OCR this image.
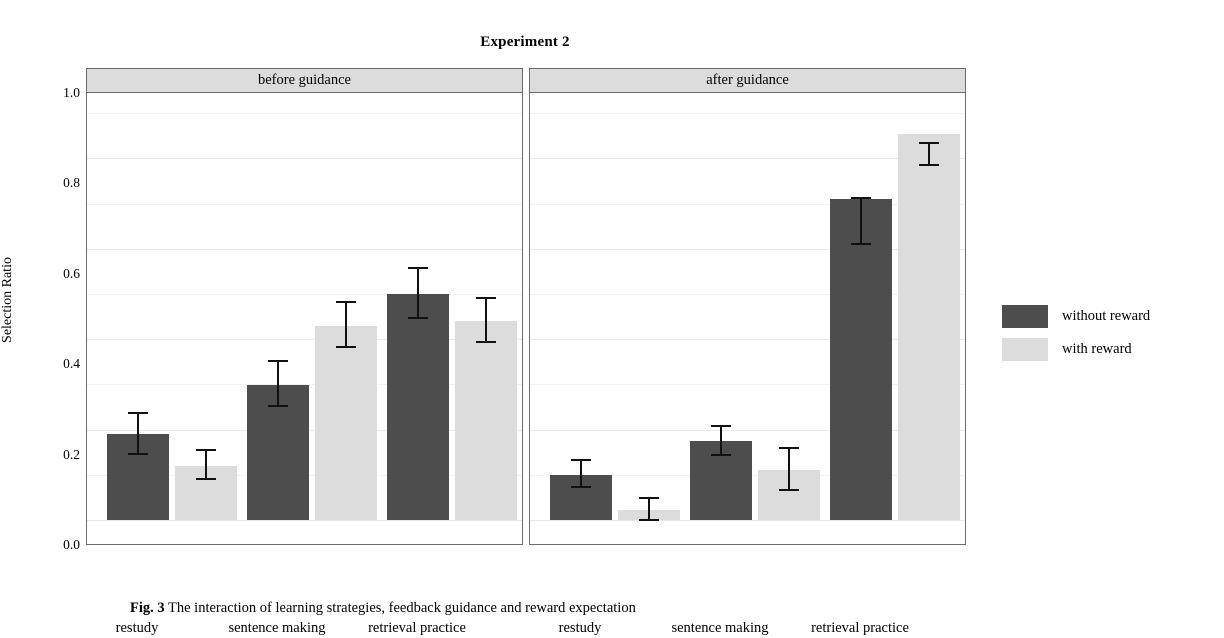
Experiment 2
Selection Ratio
0.0
0.2
0.4
0.6
0.8
1.0
before guidance	after guidance
restudy	sentence making	retrieval practice	restudy	sentence making	retrieval practice
without reward
with reward
Fig. 3 The interaction of learning strategies, feedback guidance and reward expectation
